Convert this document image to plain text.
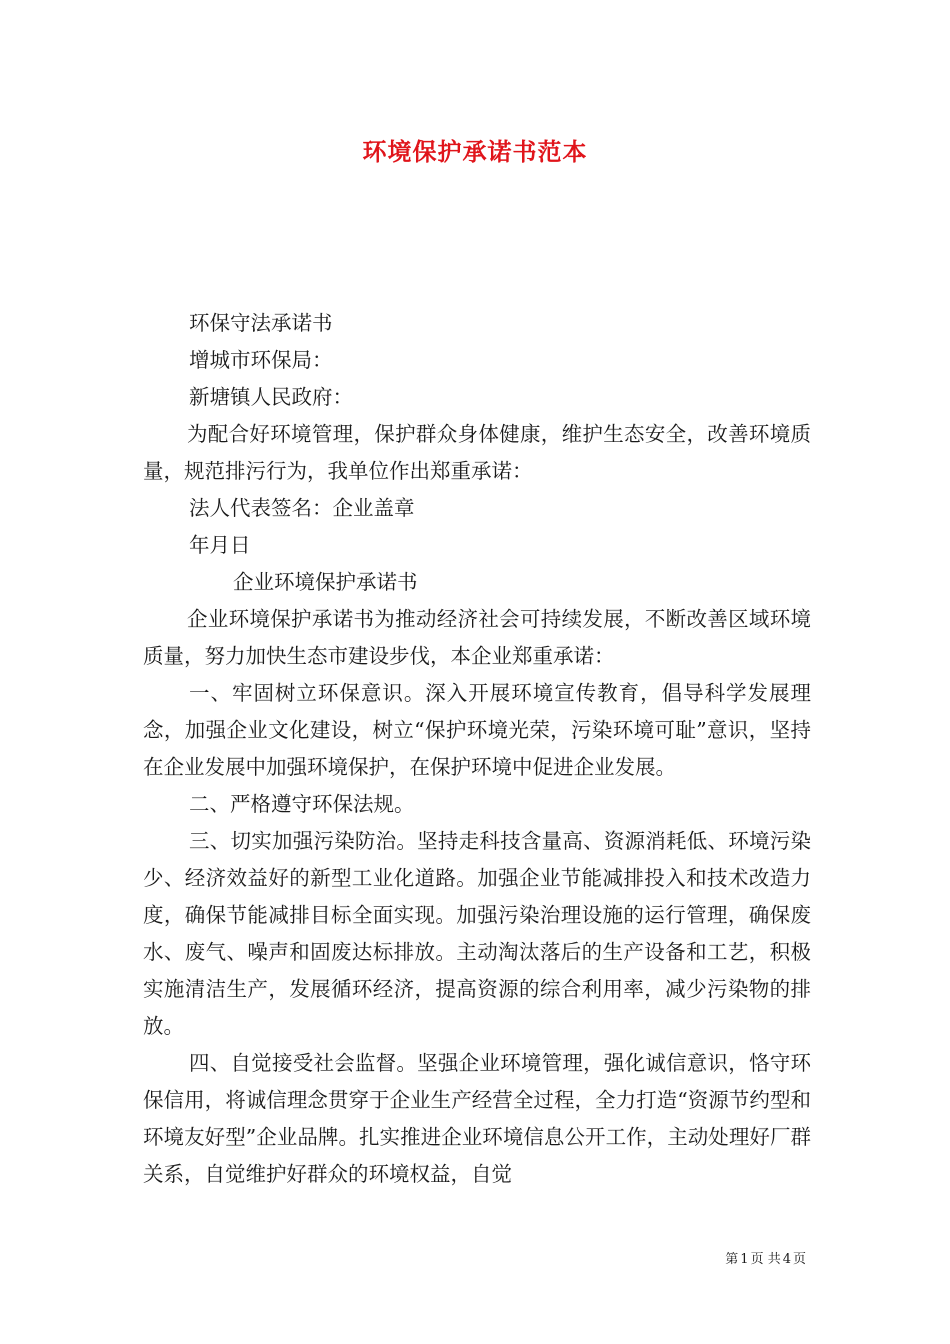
环境保护承诺书范本

环保守法承诺书

增城市环保局：

新塘镇人民政府：

为配合好环境管理，保护群众身体健康，维护生态安全，改善环境质量，规范排污行为，我单位作出郑重承诺：

法人代表签名：企业盖章

年月日

企业环境保护承诺书

企业环境保护承诺书为推动经济社会可持续发展，不断改善区域环境质量，努力加快生态市建设步伐，本企业郑重承诺：

一、牢固树立环保意识。深入开展环境宣传教育，倡导科学发展理念，加强企业文化建设，树立“保护环境光荣，污染环境可耻”意识，坚持在企业发展中加强环境保护，在保护环境中促进企业发展。

二、严格遵守环保法规。

三、切实加强污染防治。坚持走科技含量高、资源消耗低、环境污染少、经济效益好的新型工业化道路。加强企业节能减排投入和技术改造力度，确保节能减排目标全面实现。加强污染治理设施的运行管理，确保废水、废气、噪声和固废达标排放。主动淘汰落后的生产设备和工艺，积极实施清洁生产，发展循环经济，提高资源的综合利用率，减少污染物的排放。

四、自觉接受社会监督。坚强企业环境管理，强化诚信意识，恪守环保信用，将诚信理念贯穿于企业生产经营全过程，全力打造“资源节约型和环境友好型”企业品牌。扎实推进企业环境信息公开工作，主动处理好厂群关系，自觉维护好群众的环境权益，自觉

第 1 页 共 4 页
